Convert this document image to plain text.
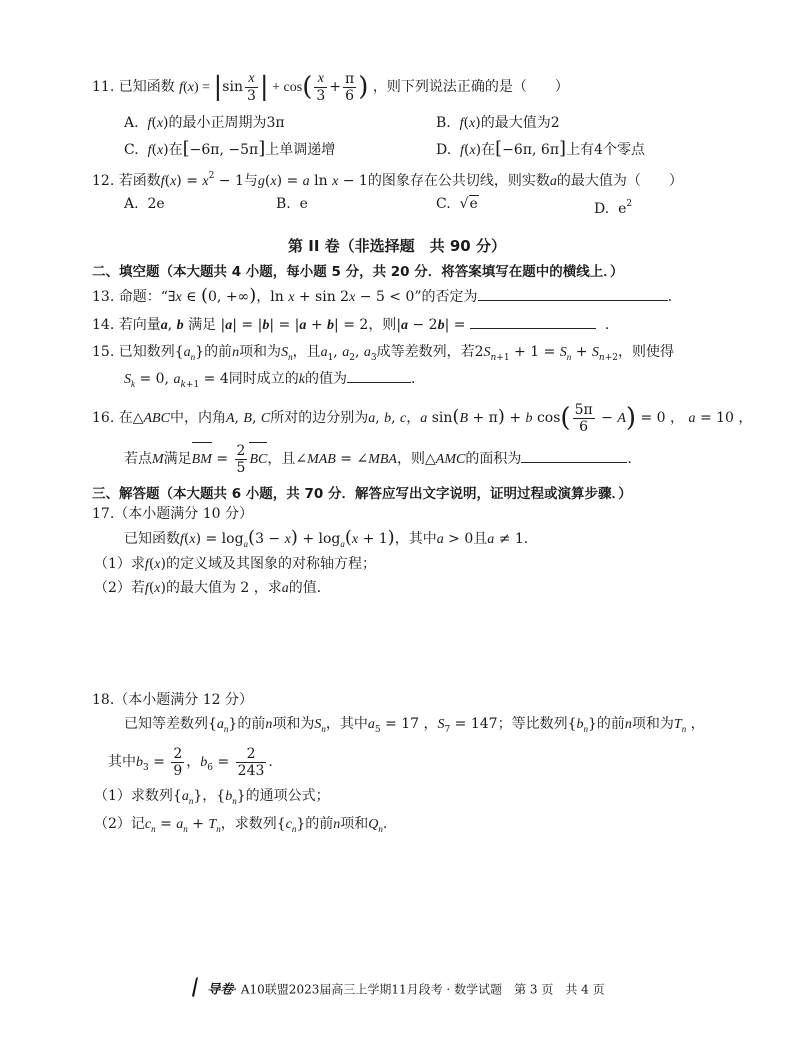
11. 已知函数 $f(x) = |\sin \frac{x}{3}$ | + $\cos( \frac{x}{3} + \frac{\pi}{6}$ ) ，则下列说法正确的是（　　）
A. f(x)的最小正周期为3π	B. f(x)的最大值为2
C. f(x)在[−6π, −5π]上单调递增	D. f(x)在[−6π, 6π]上有4个零点
12. 若函数$f(x) = x^2 - 1$与g(x) = a ln x − 1的图象存在公共切线，则实数a的最大值为（　　）
A. 2e	B. e	C.  √e	D. $e^2$
第 II 卷（非选择题　共 90 分）
二、填空题（本大题共 4 小题，每小题 5 分，共 20 分．将答案填写在题中的横线上．）
13. 命题：“∃x ∈ (0, +∞)，ln x + sin 2x − 5 < 0”的否定为	.
14. 若向量a, b 满足 |a| = |b| = |a + b| = 2，则|a − 2b| =	.
15. 已知数列$\{a_n\}$的前n项和为$S_n$，且$a_1$, $a_2$, $a_3$成等差数列，若$2S_{n+1} + 1 = S_n + S_{n+2}$，则使得
$S_k = 0$, $a_{k+1} = 4$同时成立的k的值为	.
16. 在△ABC中，内角A, B, C所对的边分别为a, b, c，a sin(B + π) + b $\cos( \frac{5\pi}{6} - A) = 0$ ， a = 10 ，
若点M满足BM = $\frac{2}{5}$ BC，且∠MAB = ∠MBA，则△AMC的面积为	.
三、解答题（本大题共 6 小题，共 70 分．解答应写出文字说明，证明过程或演算步骤．）
17.（本小题满分 10 分）
已知函数$f(x) = \log_a(3 - x) + \log_a(x + 1)$，其中a > 0且a ≠ 1.
（1）求f(x)的定义域及其图象的对称轴方程；
（2）若f(x)的最大值为 2 ，求a的值．
18.（本小题满分 12 分）
已知等差数列$\{a_n\}$的前n项和为$S_n$，其中$a_5 = 17$ ，$S_7 = 147$；等比数列$\{b_n\}$的前n项和为$T_n$ ，
其中$b_3 = \frac{2}{9}$ ，$b_6 = \frac{2}{243}$ .
（1）求数列$\{a_n\}$，$\{b_n\}$的通项公式；
（2）记$c_n = a_n + T_n$，求数列$\{c_n\}$的前n项和$Q_n$.
导卷· A10联盟2023届高三上学期11月段考 · 数学试题　第 3 页　共 4 页
